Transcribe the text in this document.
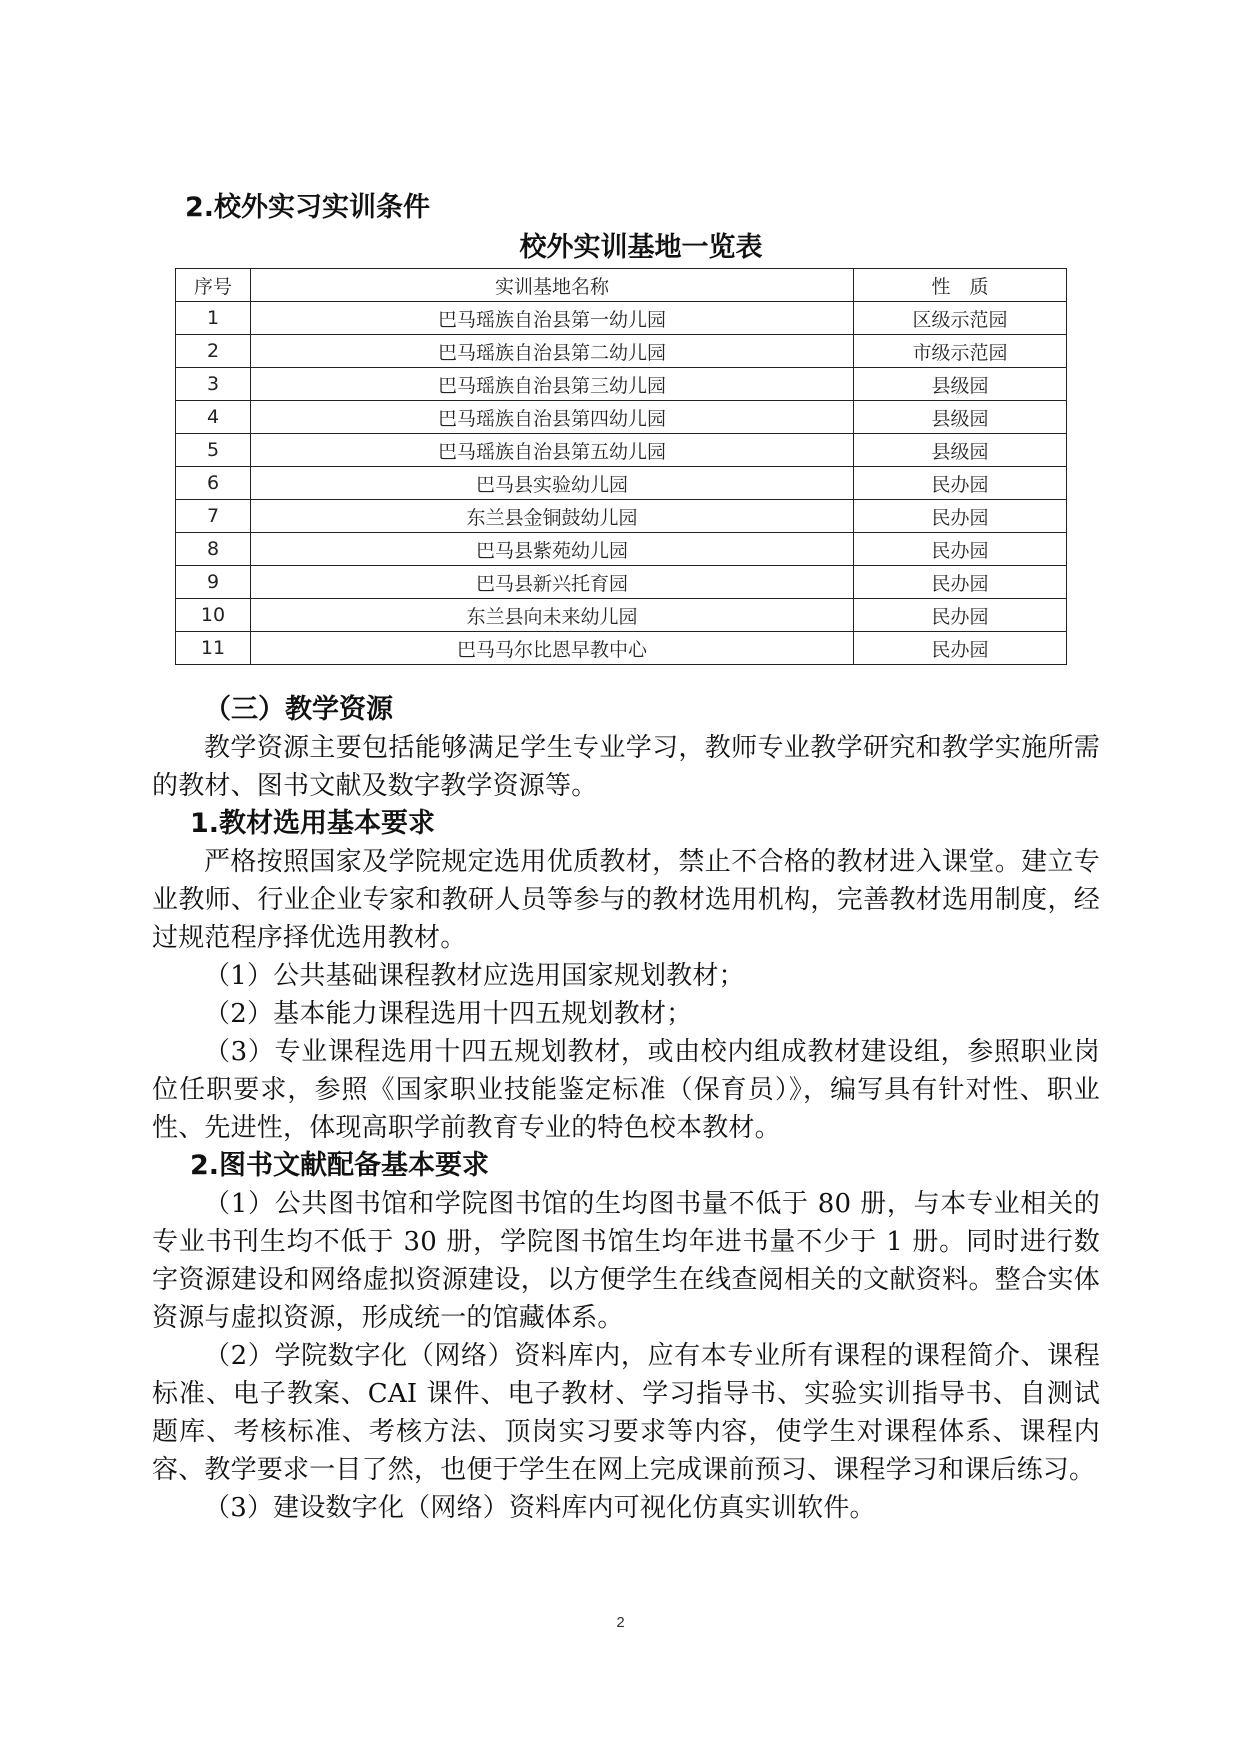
2.校外实习实训条件
校外实训基地一览表
序号	实训基地名称	性　质
1	巴马瑶族自治县第一幼儿园	区级示范园
2	巴马瑶族自治县第二幼儿园	市级示范园
3	巴马瑶族自治县第三幼儿园	县级园
4	巴马瑶族自治县第四幼儿园	县级园
5	巴马瑶族自治县第五幼儿园	县级园
6	巴马县实验幼儿园	民办园
7	东兰县金铜鼓幼儿园	民办园
8	巴马县紫苑幼儿园	民办园
9	巴马县新兴托育园	民办园
10	东兰县向未来幼儿园	民办园
11	巴马马尔比恩早教中心	民办园

（三）教学资源

教学资源主要包括能够满足学生专业学习，教师专业教学研究和教学实施所需的教材、图书文献及数字教学资源等。

1.教材选用基本要求

严格按照国家及学院规定选用优质教材，禁止不合格的教材进入课堂。建立专业教师、行业企业专家和教研人员等参与的教材选用机构，完善教材选用制度，经过规范程序择优选用教材。

（1）公共基础课程教材应选用国家规划教材；

（2）基本能力课程选用十四五规划教材；

（3）专业课程选用十四五规划教材，或由校内组成教材建设组，参照职业岗位任职要求，参照《国家职业技能鉴定标准（保育员）》，编写具有针对性、职业性、先进性，体现高职学前教育专业的特色校本教材。

2.图书文献配备基本要求

（1）公共图书馆和学院图书馆的生均图书量不低于 80 册，与本专业相关的专业书刊生均不低于 30 册，学院图书馆生均年进书量不少于 1 册。同时进行数字资源建设和网络虚拟资源建设，以方便学生在线查阅相关的文献资料。整合实体资源与虚拟资源，形成统一的馆藏体系。

（2）学院数字化（网络）资料库内，应有本专业所有课程的课程简介、课程标准、电子教案、CAI 课件、电子教材、学习指导书、实验实训指导书、自测试题库、考核标准、考核方法、顶岗实习要求等内容，使学生对课程体系、课程内容、教学要求一目了然，也便于学生在网上完成课前预习、课程学习和课后练习。

（3）建设数字化（网络）资料库内可视化仿真实训软件。

2
